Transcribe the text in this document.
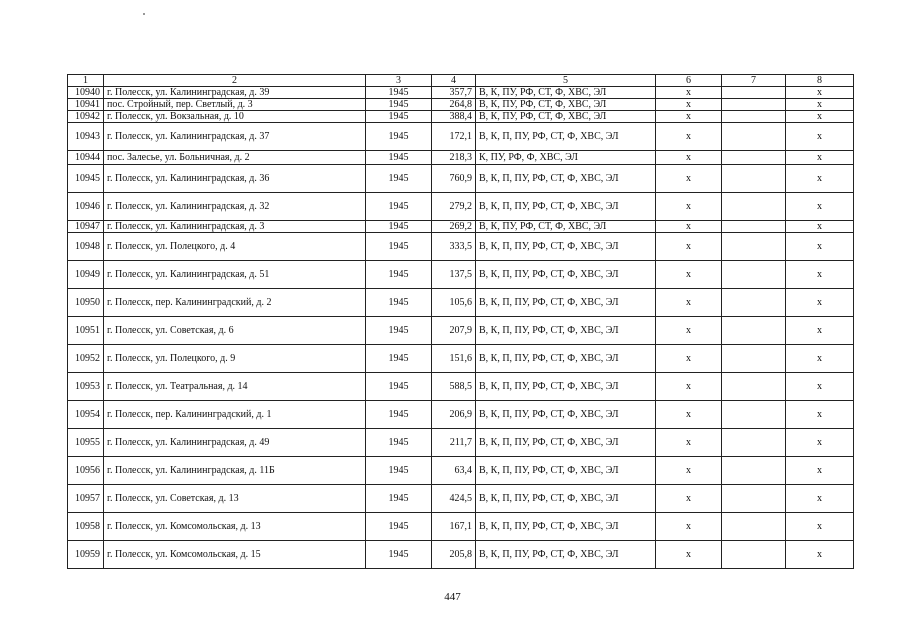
1	2	3	4	5	6	7	8
10940	г. Полесск, ул. Калининградская, д. 39	1945	357,7	В, К, ПУ, РФ, СТ, Ф, ХВС, ЭЛ	х		х
10941	пос. Стройный, пер. Светлый, д. 3	1945	264,8	В, К, ПУ, РФ, СТ, Ф, ХВС, ЭЛ	х		х
10942	г. Полесск, ул. Вокзальная, д. 10	1945	388,4	В, К, ПУ, РФ, СТ, Ф, ХВС, ЭЛ	х		х
10943	г. Полесск, ул. Калининградская, д. 37	1945	172,1	В, К, П, ПУ, РФ, СТ, Ф, ХВС, ЭЛ	х		х
10944	пос. Залесье, ул. Больничная, д. 2	1945	218,3	К, ПУ, РФ, Ф, ХВС, ЭЛ	х		х
10945	г. Полесск, ул. Калининградская, д. 36	1945	760,9	В, К, П, ПУ, РФ, СТ, Ф, ХВС, ЭЛ	х		х
10946	г. Полесск, ул. Калининградская, д. 32	1945	279,2	В, К, П, ПУ, РФ, СТ, Ф, ХВС, ЭЛ	х		х
10947	г. Полесск, ул. Калининградская, д. 3	1945	269,2	В, К, ПУ, РФ, СТ, Ф, ХВС, ЭЛ	х		х
10948	г. Полесск, ул. Полецкого, д. 4	1945	333,5	В, К, П, ПУ, РФ, СТ, Ф, ХВС, ЭЛ	х		х
10949	г. Полесск, ул. Калининградская, д. 51	1945	137,5	В, К, П, ПУ, РФ, СТ, Ф, ХВС, ЭЛ	х		х
10950	г. Полесск, пер. Калининградский, д. 2	1945	105,6	В, К, П, ПУ, РФ, СТ, Ф, ХВС, ЭЛ	х		х
10951	г. Полесск, ул. Советская, д. 6	1945	207,9	В, К, П, ПУ, РФ, СТ, Ф, ХВС, ЭЛ	х		х
10952	г. Полесск, ул. Полецкого, д. 9	1945	151,6	В, К, П, ПУ, РФ, СТ, Ф, ХВС, ЭЛ	х		х
10953	г. Полесск, ул. Театральная, д. 14	1945	588,5	В, К, П, ПУ, РФ, СТ, Ф, ХВС, ЭЛ	х		х
10954	г. Полесск, пер. Калининградский, д. 1	1945	206,9	В, К, П, ПУ, РФ, СТ, Ф, ХВС, ЭЛ	х		х
10955	г. Полесск, ул. Калининградская, д. 49	1945	211,7	В, К, П, ПУ, РФ, СТ, Ф, ХВС, ЭЛ	х		х
10956	г. Полесск, ул. Калининградская, д. 11Б	1945	63,4	В, К, П, ПУ, РФ, СТ, Ф, ХВС, ЭЛ	х		х
10957	г. Полесск, ул. Советская, д. 13	1945	424,5	В, К, П, ПУ, РФ, СТ, Ф, ХВС, ЭЛ	х		х
10958	г. Полесск, ул. Комсомольская, д. 13	1945	167,1	В, К, П, ПУ, РФ, СТ, Ф, ХВС, ЭЛ	х		х
10959	г. Полесск, ул. Комсомольская, д. 15	1945	205,8	В, К, П, ПУ, РФ, СТ, Ф, ХВС, ЭЛ	х		х
447
